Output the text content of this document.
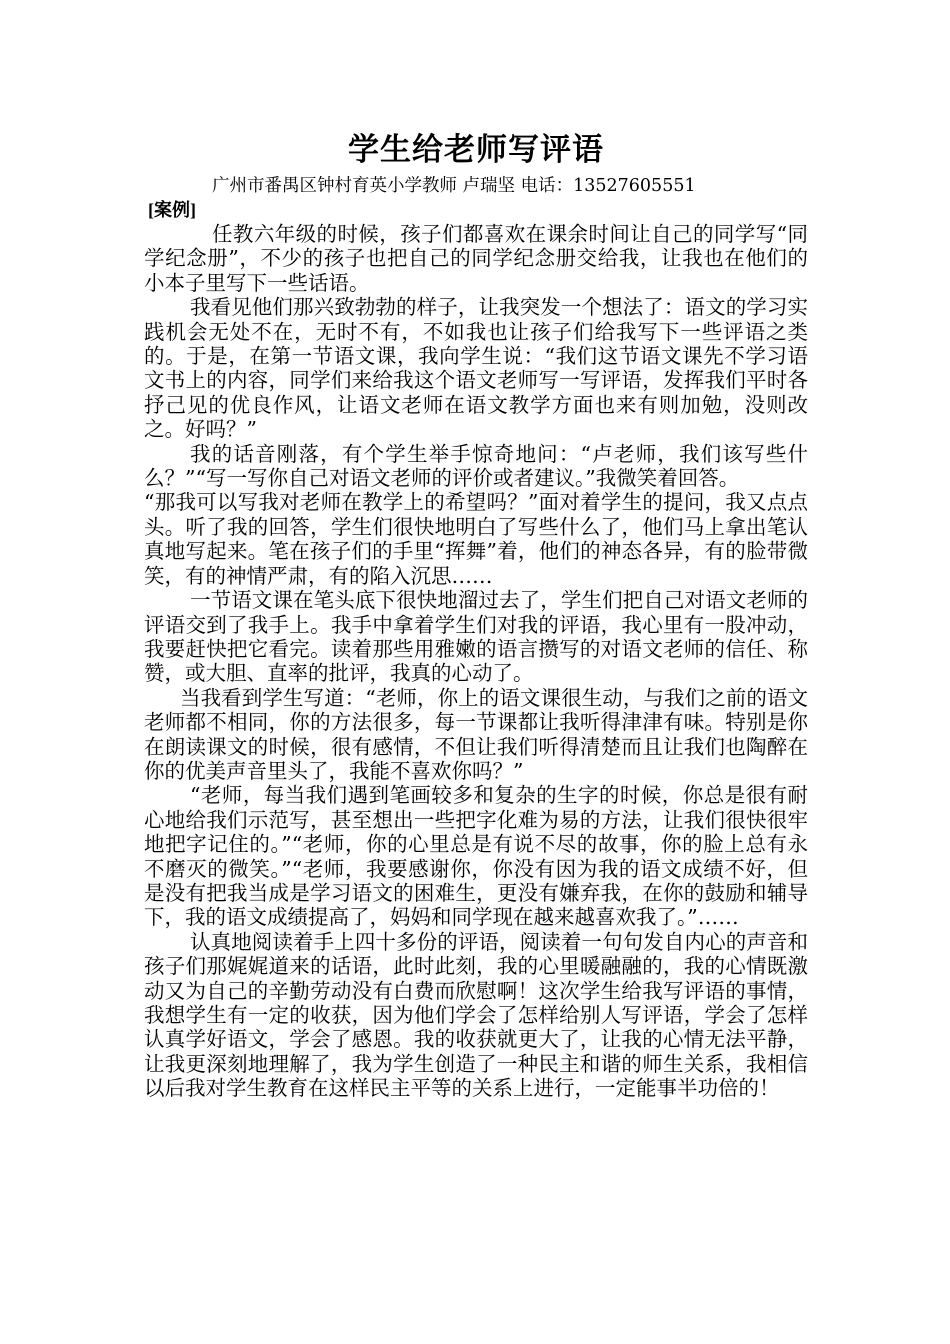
学生给老师写评语

广州市番禺区钟村育英小学教师 卢瑞坚 电话：13527605551

[案例]

任教六年级的时候，孩子们都喜欢在课余时间让自己的同学写“同学纪念册”，不少的孩子也把自己的同学纪念册交给我，让我也在他们的小本子里写下一些话语。

我看见他们那兴致勃勃的样子，让我突发一个想法了：语文的学习实践机会无处不在，无时不有，不如我也让孩子们给我写下一些评语之类的。于是，在第一节语文课，我向学生说：“我们这节语文课先不学习语文书上的内容，同学们来给我这个语文老师写一写评语，发挥我们平时各抒己见的优良作风，让语文老师在语文教学方面也来有则加勉，没则改之。好吗？”

我的话音刚落，有个学生举手惊奇地问：“卢老师，我们该写些什么？”“写一写你自己对语文老师的评价或者建议。”我微笑着回答。

“那我可以写我对老师在教学上的希望吗？”面对着学生的提问，我又点点头。听了我的回答，学生们很快地明白了写些什么了，他们马上拿出笔认真地写起来。笔在孩子们的手里“挥舞”着，他们的神态各异，有的脸带微笑，有的神情严肃，有的陷入沉思……

一节语文课在笔头底下很快地溜过去了，学生们把自己对语文老师的评语交到了我手上。我手中拿着学生们对我的评语，我心里有一股冲动，我要赶快把它看完。读着那些用雅嫩的语言攒写的对语文老师的信任、称赞，或大胆、直率的批评，我真的心动了。

当我看到学生写道：“老师，你上的语文课很生动，与我们之前的语文老师都不相同，你的方法很多，每一节课都让我听得津津有味。特别是你在朗读课文的时候，很有感情，不但让我们听得清楚而且让我们也陶醉在你的优美声音里头了，我能不喜欢你吗？”

“老师，每当我们遇到笔画较多和复杂的生字的时候，你总是很有耐心地给我们示范写，甚至想出一些把字化难为易的方法，让我们很快很牢地把字记住的。”“老师，你的心里总是有说不尽的故事，你的脸上总有永不磨灭的微笑。”“老师，我要感谢你，你没有因为我的语文成绩不好，但是没有把我当成是学习语文的困难生，更没有嫌弃我，在你的鼓励和辅导下，我的语文成绩提高了，妈妈和同学现在越来越喜欢我了。”……

认真地阅读着手上四十多份的评语，阅读着一句句发自内心的声音和孩子们那娓娓道来的话语，此时此刻，我的心里暖融融的，我的心情既激动又为自己的辛勤劳动没有白费而欣慰啊！这次学生给我写评语的事情，我想学生有一定的收获，因为他们学会了怎样给别人写评语，学会了怎样认真学好语文，学会了感恩。我的收获就更大了，让我的心情无法平静，让我更深刻地理解了，我为学生创造了一种民主和谐的师生关系，我相信以后我对学生教育在这样民主平等的关系上进行，一定能事半功倍的！
